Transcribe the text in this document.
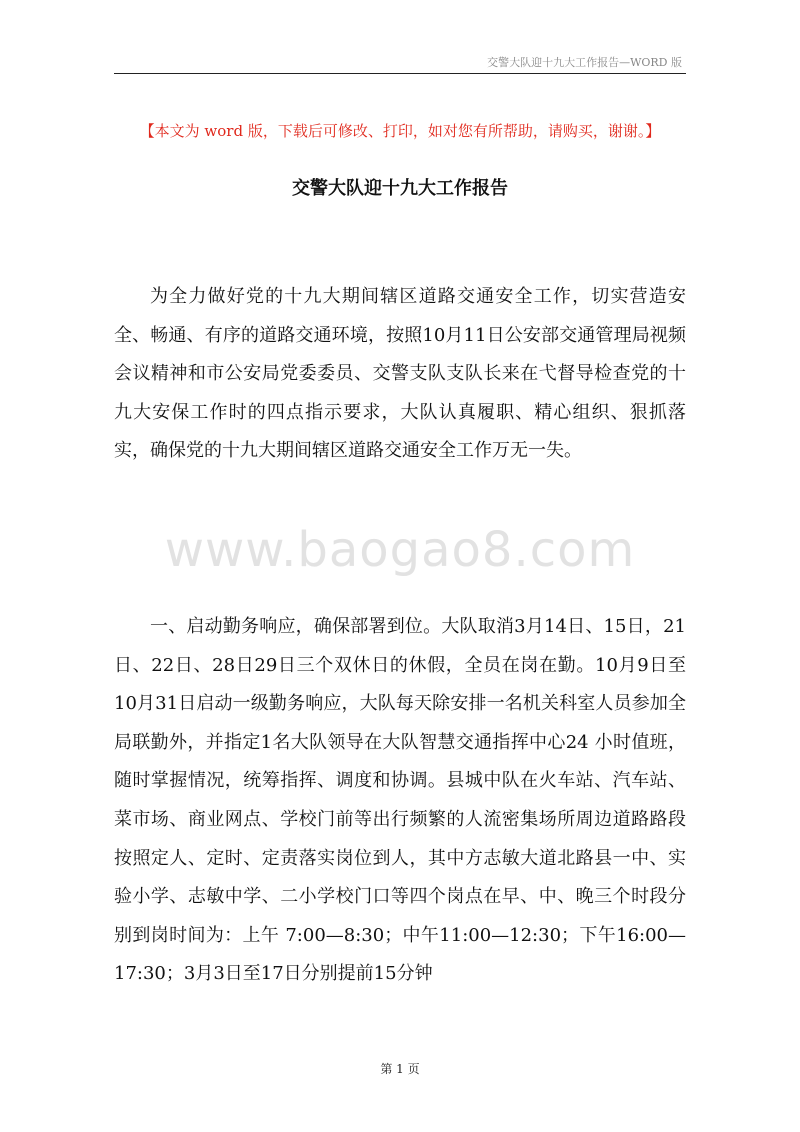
交警大队迎十九大工作报告—WORD 版
【本文为 word 版，下载后可修改、打印，如对您有所帮助，请购买，谢谢。】
交警大队迎十九大工作报告

为全力做好党的十九大期间辖区道路交通安全工作，切实营造安全、畅通、有序的道路交通环境，按照10月11日公安部交通管理局视频会议精神和市公安局党委委员、交警支队支队长来在弋督导检查党的十九大安保工作时的四点指示要求，大队认真履职、精心组织、狠抓落实，确保党的十九大期间辖区道路交通安全工作万无一失。

www.baogao8.com

一、启动勤务响应，确保部署到位。大队取消3月14日、15日，21日、22日、28日29日三个双休日的休假，全员在岗在勤。10月9日至10月31日启动一级勤务响应，大队每天除安排一名机关科室人员参加全局联勤外，并指定1名大队领导在大队智慧交通指挥中心24 小时值班，随时掌握情况，统筹指挥、调度和协调。县城中队在火车站、汽车站、菜市场、商业网点、学校门前等出行频繁的人流密集场所周边道路路段按照定人、定时、定责落实岗位到人，其中方志敏大道北路县一中、实验小学、志敏中学、二小学校门口等四个岗点在早、中、晚三个时段分别到岗时间为：上午 7:00—8:30；中午11:00—12:30；下午16:00—17:30；3月3日至17日分别提前15分钟

第 1 页
